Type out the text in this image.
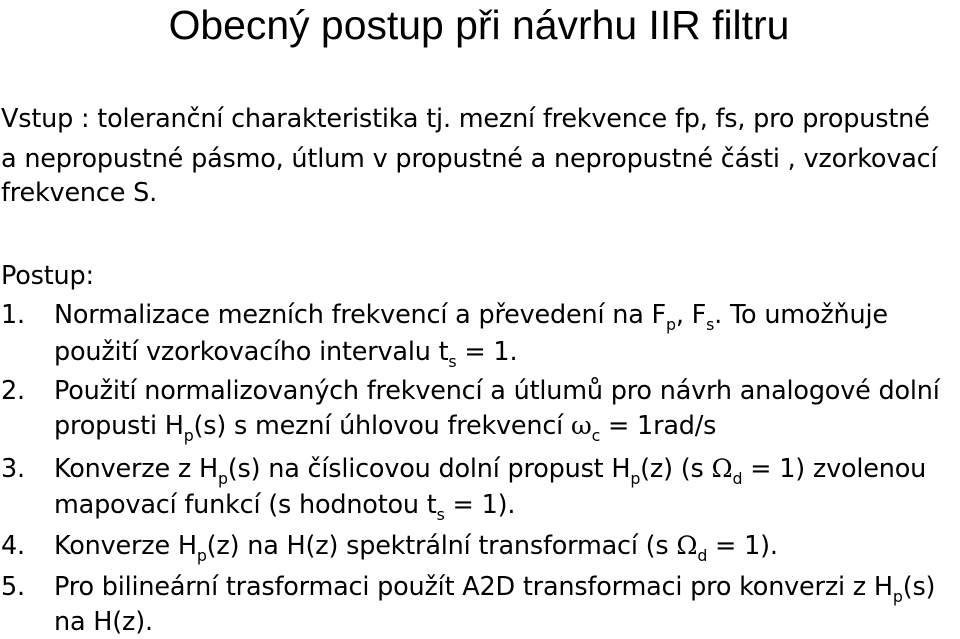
Obecný postup při návrhu IIR filtru
Vstup : toleranční charakteristika tj. mezní frekvence fp, fs, pro propustné
a nepropustné pásmo, útlum v propustné a nepropustné části , vzorkovací
frekvence S.
Postup:
1. Normalizace mezních frekvencí a převedení na $F_p$, $F_s$. To umožňuje
použití vzorkovacího intervalu $t_s = 1$.
2. Použití normalizovaných frekvencí a útlumů pro návrh analogové dolní
propusti $H_p(s)$ s mezní úhlovou frekvencí $\omega_c = 1rad/s$
3. Konverze z $H_p(s)$ na číslicovou dolní propust $H_p(z)$ (s $\Omega_d = 1$) zvolenou
mapovací funkcí (s hodnotou $t_s = 1$).
4. Konverze $H_p(z)$ na H(z) spektrální transformací (s $\Omega_d = 1$).
5. Pro bilineární trasformaci použít A2D transformaci pro konverzi z $H_p(s)$
na H(z).
